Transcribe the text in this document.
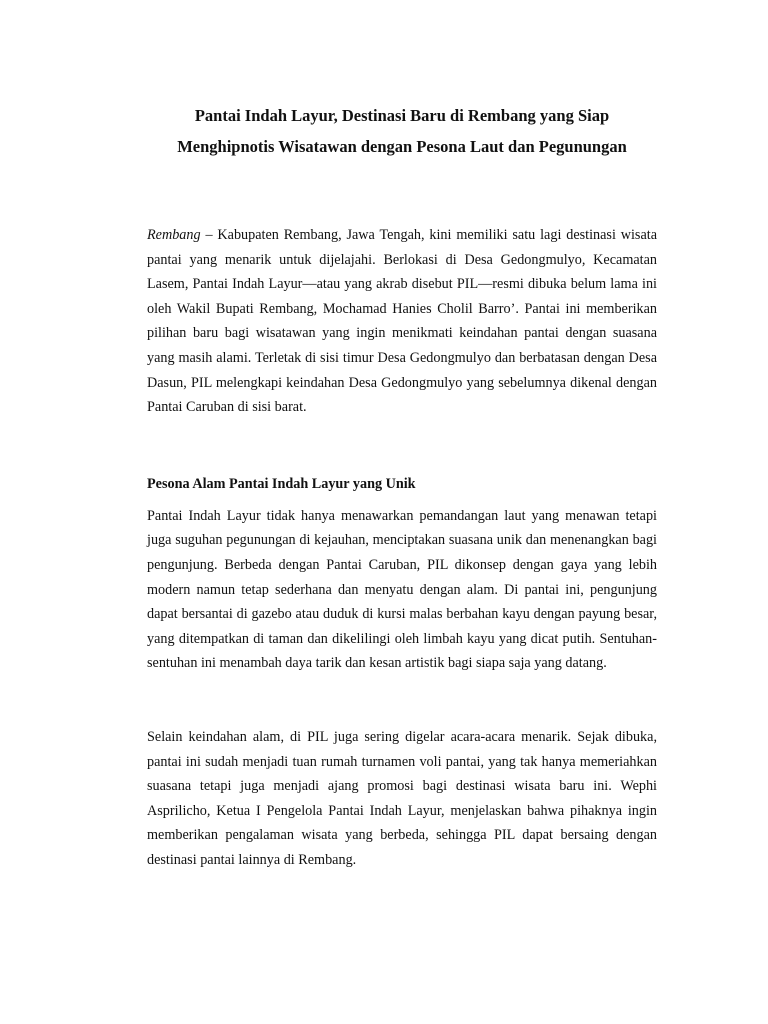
Pantai Indah Layur, Destinasi Baru di Rembang yang Siap
Menghipnotis Wisatawan dengan Pesona Laut dan Pegunungan

Rembang – Kabupaten Rembang, Jawa Tengah, kini memiliki satu lagi destinasi wisata pantai yang menarik untuk dijelajahi. Berlokasi di Desa Gedongmulyo, Kecamatan Lasem, Pantai Indah Layur—atau yang akrab disebut PIL—resmi dibuka belum lama ini oleh Wakil Bupati Rembang, Mochamad Hanies Cholil Barro’. Pantai ini memberikan pilihan baru bagi wisatawan yang ingin menikmati keindahan pantai dengan suasana yang masih alami. Terletak di sisi timur Desa Gedongmulyo dan berbatasan dengan Desa Dasun, PIL melengkapi keindahan Desa Gedongmulyo yang sebelumnya dikenal dengan Pantai Caruban di sisi barat.

Pesona Alam Pantai Indah Layur yang Unik

Pantai Indah Layur tidak hanya menawarkan pemandangan laut yang menawan tetapi juga suguhan pegunungan di kejauhan, menciptakan suasana unik dan menenangkan bagi pengunjung. Berbeda dengan Pantai Caruban, PIL dikonsep dengan gaya yang lebih modern namun tetap sederhana dan menyatu dengan alam. Di pantai ini, pengunjung dapat bersantai di gazebo atau duduk di kursi malas berbahan kayu dengan payung besar, yang ditempatkan di taman dan dikelilingi oleh limbah kayu yang dicat putih. Sentuhan-sentuhan ini menambah daya tarik dan kesan artistik bagi siapa saja yang datang.

Selain keindahan alam, di PIL juga sering digelar acara-acara menarik. Sejak dibuka, pantai ini sudah menjadi tuan rumah turnamen voli pantai, yang tak hanya memeriahkan suasana tetapi juga menjadi ajang promosi bagi destinasi wisata baru ini. Wephi Asprilicho, Ketua I Pengelola Pantai Indah Layur, menjelaskan bahwa pihaknya ingin memberikan pengalaman wisata yang berbeda, sehingga PIL dapat bersaing dengan destinasi pantai lainnya di Rembang.
